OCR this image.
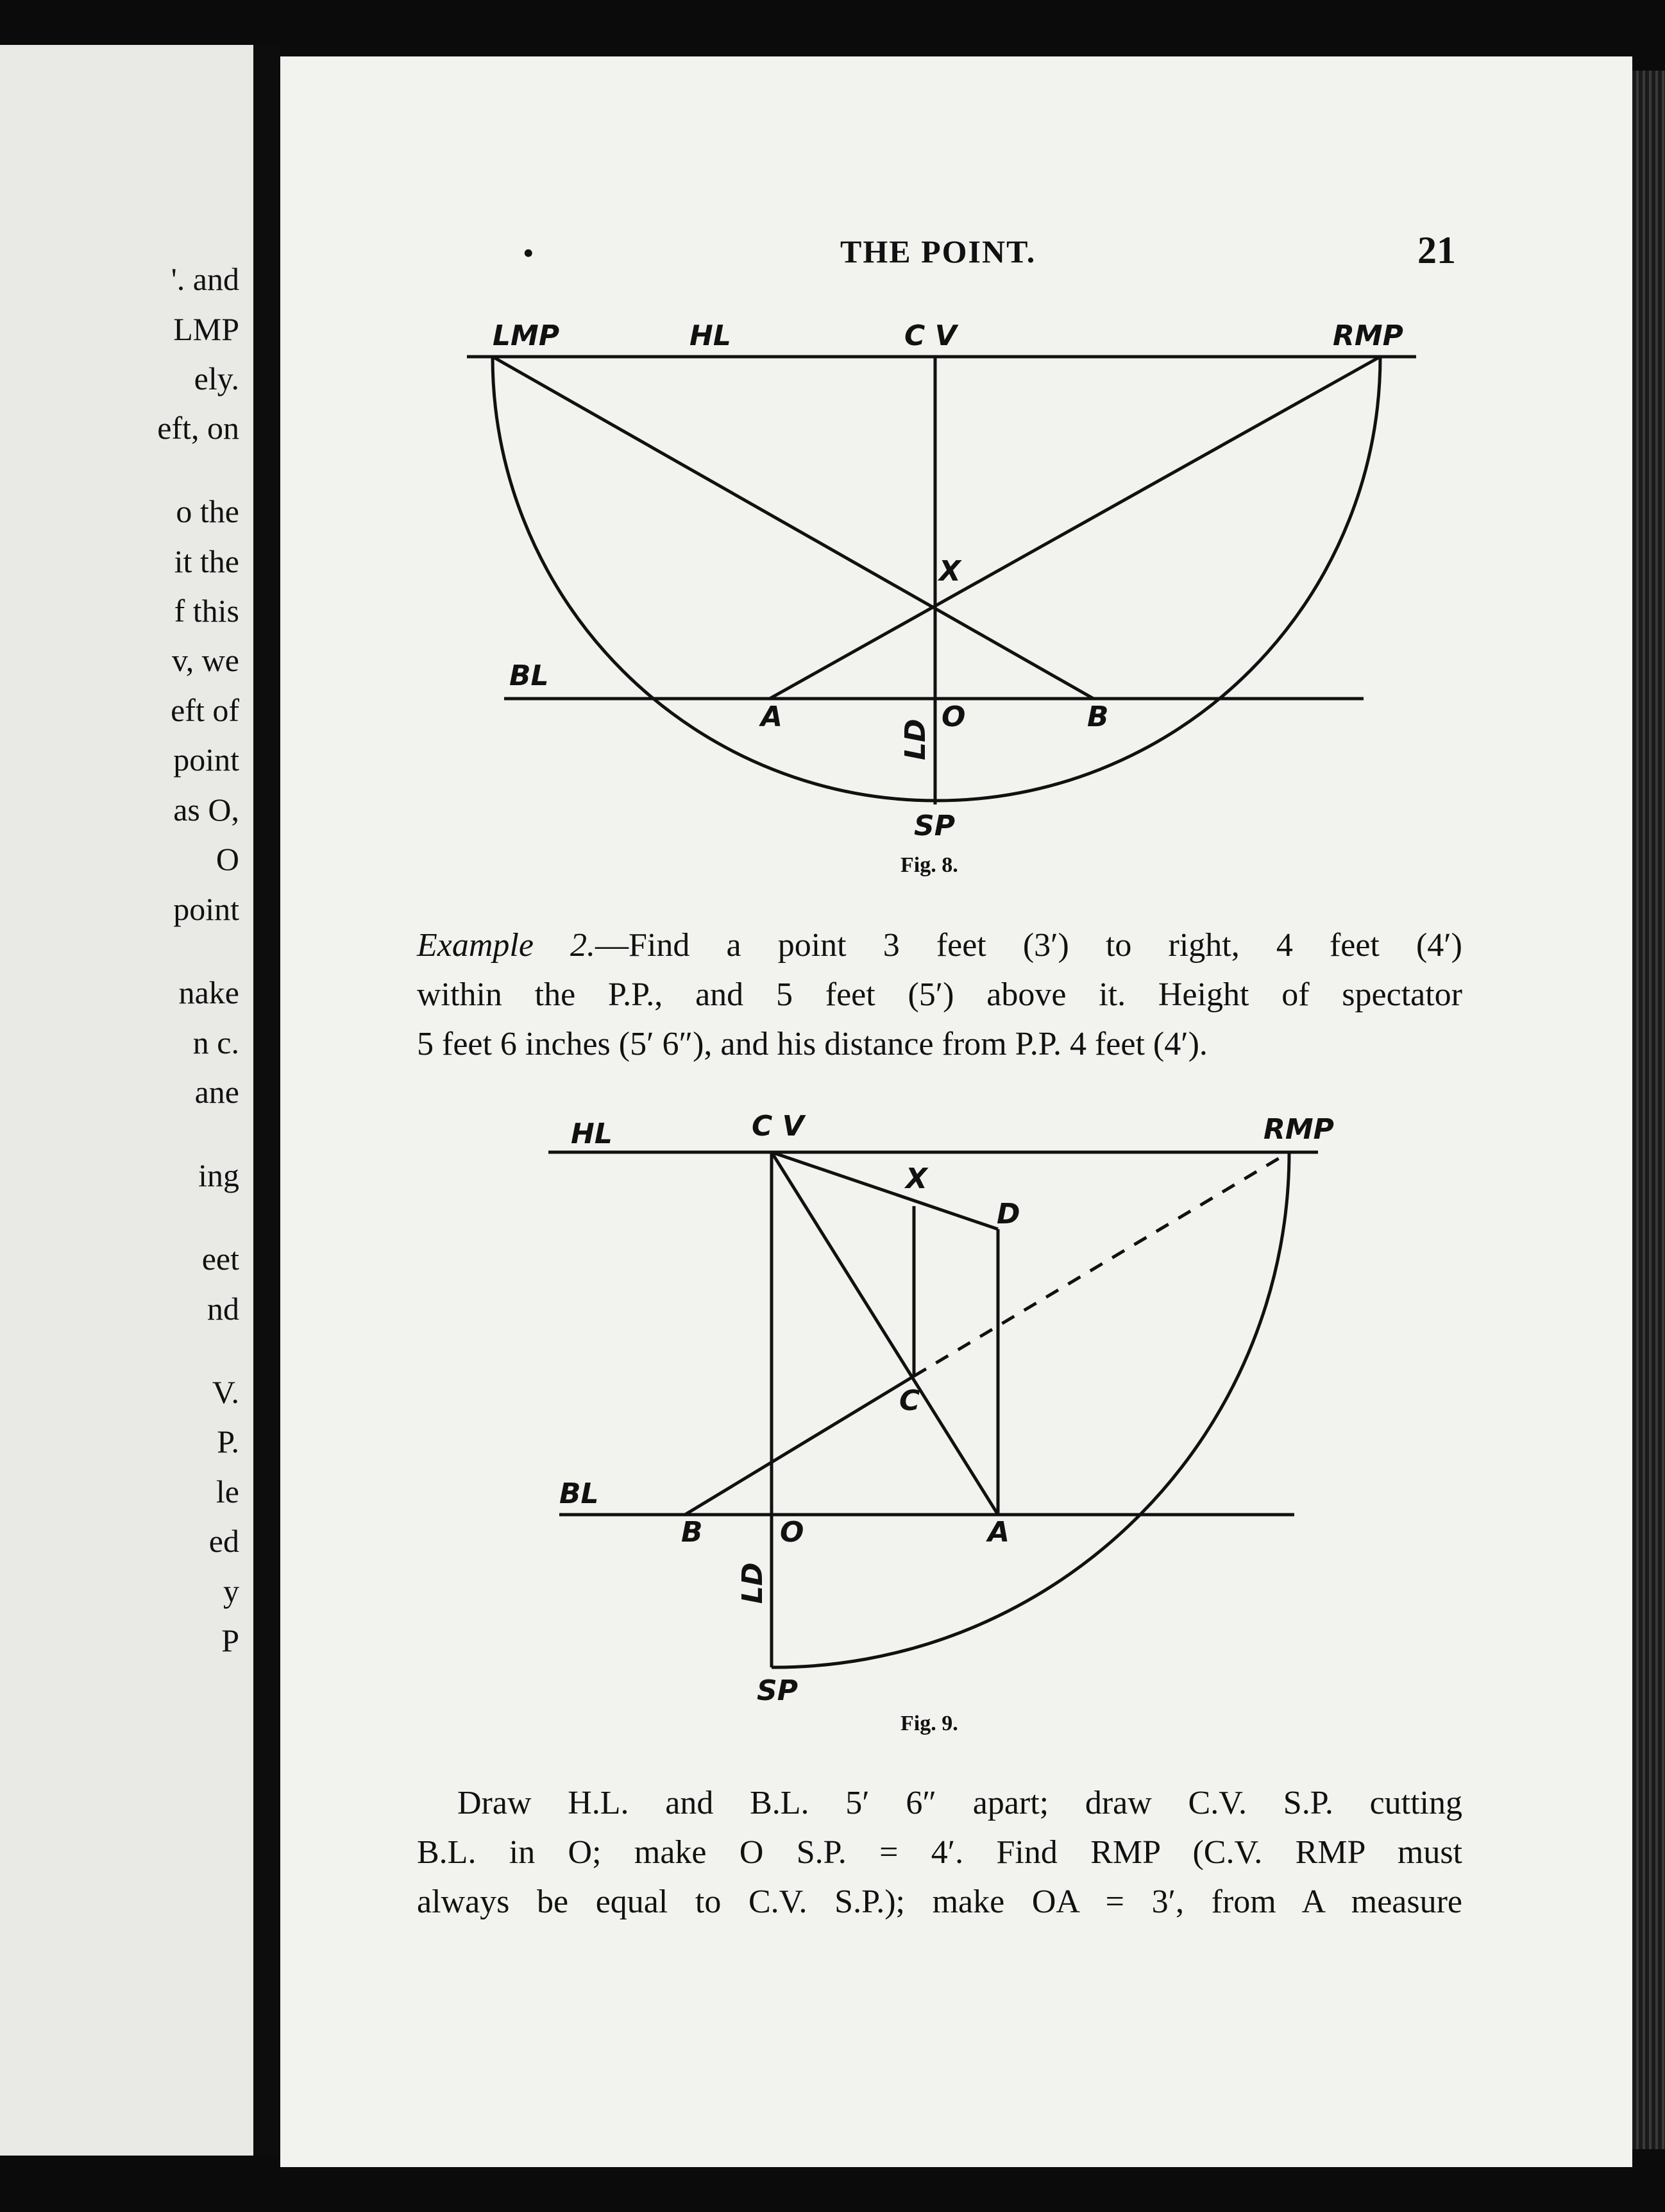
'. and
LMP
ely.
eft, on
o the
it the
f this
v, we
eft of
point
as O,
O
point
nake
n c.
ane
ing
eet
nd
V.
P.
le
ed
y
P
•	THE POINT.	21
LMP	HL	C V	RMP
X
BL
A	O	B
LD
SP
Fig. 8.
Example 2.—Find a point 3 feet (3′) to right, 4 feet (4′)
within the P.P., and 5 feet (5′) above it. Height of spectator
5 feet 6 inches (5′ 6″), and his distance from P.P. 4 feet (4′).
HL	C V	RMP
X
D
C
BL
B	O	A
LD
SP
Fig. 9.
Draw H.L. and B.L. 5′ 6″ apart; draw C.V. S.P. cutting
B.L. in O; make O S.P. = 4′. Find RMP (C.V. RMP must
always be equal to C.V. S.P.); make OA = 3′, from A measure
